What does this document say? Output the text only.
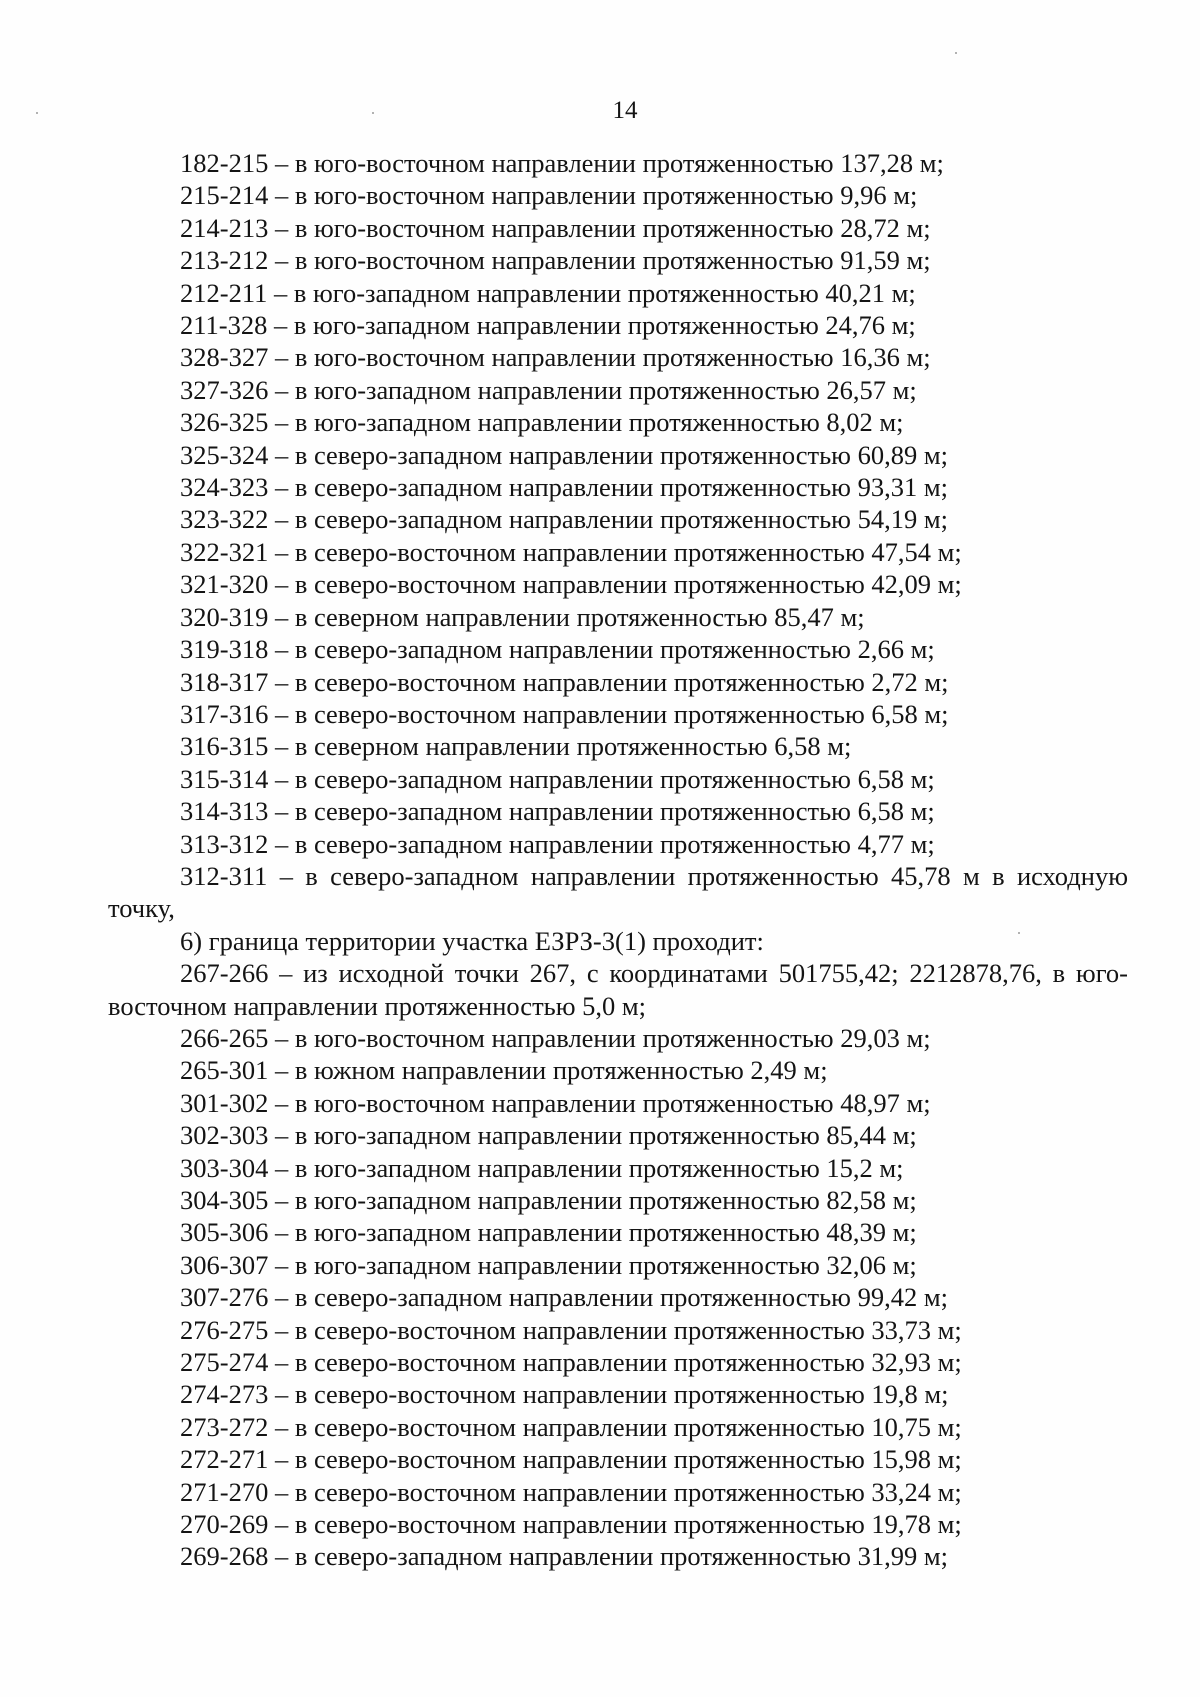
14
182-215 – в юго-восточном направлении протяженностью 137,28 м;
215-214 – в юго-восточном направлении протяженностью 9,96 м;
214-213 – в юго-восточном направлении протяженностью 28,72 м;
213-212 – в юго-восточном направлении протяженностью 91,59 м;
212-211 – в юго-западном направлении протяженностью 40,21 м;
211-328 – в юго-западном направлении протяженностью 24,76 м;
328-327 – в юго-восточном направлении протяженностью 16,36 м;
327-326 – в юго-западном направлении протяженностью 26,57 м;
326-325 – в юго-западном направлении протяженностью 8,02 м;
325-324 – в северо-западном направлении протяженностью 60,89 м;
324-323 – в северо-западном направлении протяженностью 93,31 м;
323-322 – в северо-западном направлении протяженностью 54,19 м;
322-321 – в северо-восточном направлении протяженностью 47,54 м;
321-320 – в северо-восточном направлении протяженностью 42,09 м;
320-319 – в северном направлении протяженностью 85,47 м;
319-318 – в северо-западном направлении протяженностью 2,66 м;
318-317 – в северо-восточном направлении протяженностью 2,72 м;
317-316 – в северо-восточном направлении протяженностью 6,58 м;
316-315 – в северном направлении протяженностью 6,58 м;
315-314 – в северо-западном направлении протяженностью 6,58 м;
314-313 – в северо-западном направлении протяженностью 6,58 м;
313-312 – в северо-западном направлении протяженностью 4,77 м;
312-311 – в северо-западном направлении протяженностью 45,78 м в исходную точку,
6) граница территории участка ЕЗРЗ-3(1) проходит:
267-266 – из исходной точки 267, с координатами 501755,42; 2212878,76, в юго- восточном направлении протяженностью 5,0 м;
266-265 – в юго-восточном направлении протяженностью 29,03 м;
265-301 – в южном направлении протяженностью 2,49 м;
301-302 – в юго-восточном направлении протяженностью 48,97 м;
302-303 – в юго-западном направлении протяженностью 85,44 м;
303-304 – в юго-западном направлении протяженностью 15,2 м;
304-305 – в юго-западном направлении протяженностью 82,58 м;
305-306 – в юго-западном направлении протяженностью 48,39 м;
306-307 – в юго-западном направлении протяженностью 32,06 м;
307-276 – в северо-западном направлении протяженностью 99,42 м;
276-275 – в северо-восточном направлении протяженностью 33,73 м;
275-274 – в северо-восточном направлении протяженностью 32,93 м;
274-273 – в северо-восточном направлении протяженностью 19,8 м;
273-272 – в северо-восточном направлении протяженностью 10,75 м;
272-271 – в северо-восточном направлении протяженностью 15,98 м;
271-270 – в северо-восточном направлении протяженностью 33,24 м;
270-269 – в северо-восточном направлении протяженностью 19,78 м;
269-268 – в северо-западном направлении протяженностью 31,99 м;
